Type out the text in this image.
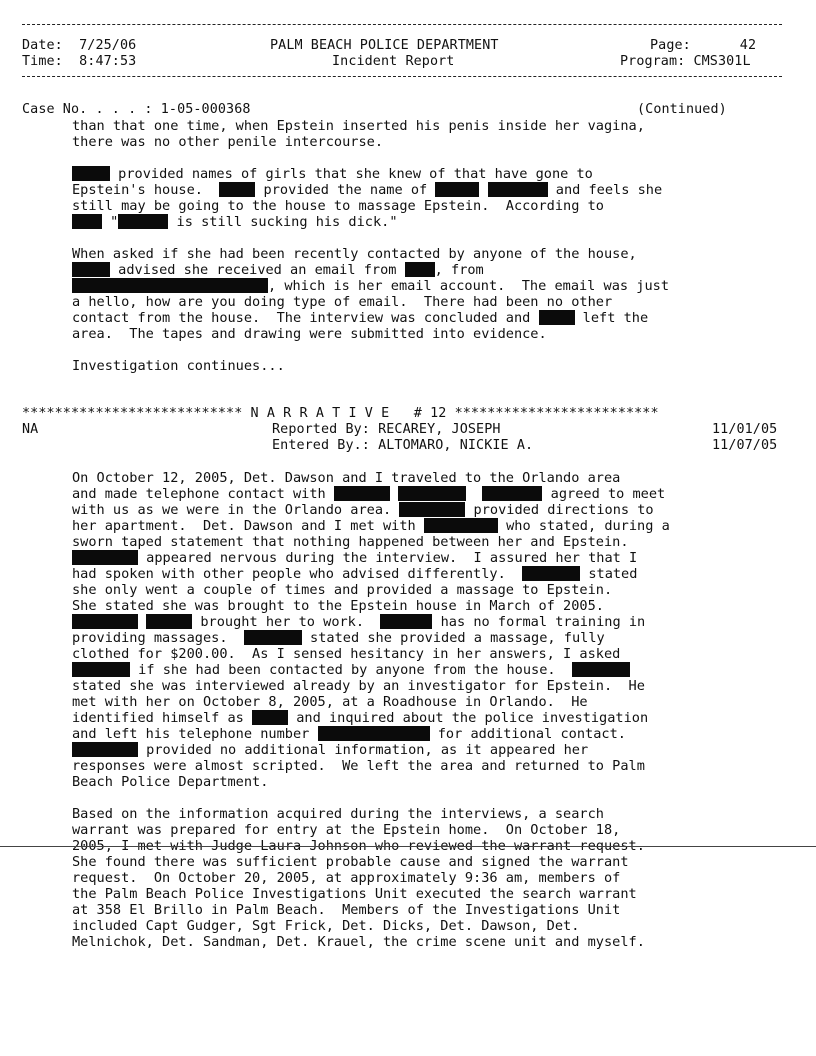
Date: 7/25/06
Time: 8:47:53
PALM BEACH POLICE DEPARTMENT
Incident Report
Page:	42
Program: CMS301L
Case No. . . . : 1-05-000368	(Continued)
than that one time, when Epstein inserted his penis inside her vagina,
there was no other penile intercourse.
provided names of girls that she knew of that have gone to
Epstein's house.	provided the name of	and feels she
still may be going to the house to massage Epstein.  According to
"	is still sucking his dick."
When asked if she had been recently contacted by anyone of the house,
advised she received an email from , from
, which is her email account.  The email was just
a hello, how are you doing type of email.  There had been no other
contact from the house.  The interview was concluded and	left the
area.  The tapes and drawing were submitted into evidence.
Investigation continues...
*************************** N A R R A T I V E   # 12 *************************
NA	Reported By: RECAREY, JOSEPH	11/01/05
Entered By.: ALTOMARO, NICKIE A.	11/07/05
On October 12, 2005, Det. Dawson and I traveled to the Orlando area
and made telephone contact with	agreed to meet
with us as we were in the Orlando area.	provided directions to
her apartment.  Det. Dawson and I met with	who stated, during a
sworn taped statement that nothing happened between her and Epstein.
appeared nervous during the interview.  I assured her that I
had spoken with other people who advised differently.	stated
she only went a couple of times and provided a massage to Epstein.
She stated she was brought to the Epstein house in March of 2005.
brought her to work.	has no formal training in
providing massages.	stated she provided a massage, fully
clothed for $200.00.  As I sensed hesitancy in her answers, I asked
if she had been contacted by anyone from the house.
stated she was interviewed already by an investigator for Epstein.  He
met with her on October 8, 2005, at a Roadhouse in Orlando.  He
identified himself as	and inquired about the police investigation
and left his telephone number	for additional contact.
provided no additional information, as it appeared her
responses were almost scripted.  We left the area and returned to Palm
Beach Police Department.
Based on the information acquired during the interviews, a search
warrant was prepared for entry at the Epstein home.  On October 18,
2005, I met with Judge Laura Johnson who reviewed the warrant request.
She found there was sufficient probable cause and signed the warrant
request.  On October 20, 2005, at approximately 9:36 am, members of
the Palm Beach Police Investigations Unit executed the search warrant
at 358 El Brillo in Palm Beach.  Members of the Investigations Unit
included Capt Gudger, Sgt Frick, Det. Dicks, Det. Dawson, Det.
Melnichok, Det. Sandman, Det. Krauel, the crime scene unit and myself.
